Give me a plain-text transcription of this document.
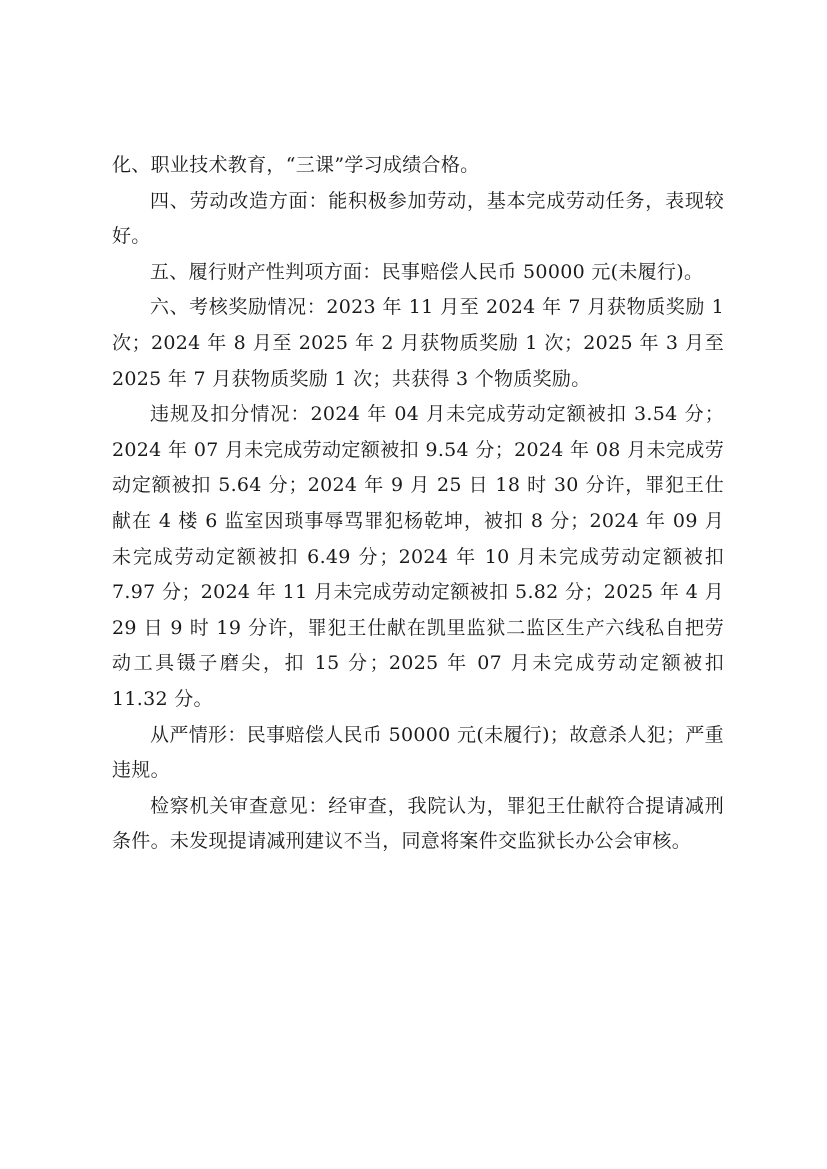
化、职业技术教育，“三课”学习成绩合格。

四、劳动改造方面：能积极参加劳动，基本完成劳动任务，表现较好。

五、履行财产性判项方面：民事赔偿人民币 50000 元(未履行)。

六、考核奖励情况：2023 年 11 月至 2024 年 7 月获物质奖励 1 次；2024 年 8 月至 2025 年 2 月获物质奖励 1 次；2025 年 3 月至 2025 年 7 月获物质奖励 1 次；共获得 3 个物质奖励。

违规及扣分情况：2024 年 04 月未完成劳动定额被扣 3.54 分；2024 年 07 月未完成劳动定额被扣 9.54 分；2024 年 08 月未完成劳动定额被扣 5.64 分；2024 年 9 月 25 日 18 时 30 分许，罪犯王仕献在 4 楼 6 监室因琐事辱骂罪犯杨乾坤，被扣 8 分；2024 年 09 月未完成劳动定额被扣 6.49 分；2024 年 10 月未完成劳动定额被扣 7.97 分；2024 年 11 月未完成劳动定额被扣 5.82 分；2025 年 4 月 29 日 9 时 19 分许，罪犯王仕献在凯里监狱二监区生产六线私自把劳动工具镊子磨尖，扣 15 分；2025 年 07 月未完成劳动定额被扣 11.32 分。

从严情形：民事赔偿人民币 50000 元(未履行)；故意杀人犯；严重违规。

检察机关审查意见：经审查，我院认为，罪犯王仕献符合提请减刑条件。未发现提请减刑建议不当，同意将案件交监狱长办公会审核。
